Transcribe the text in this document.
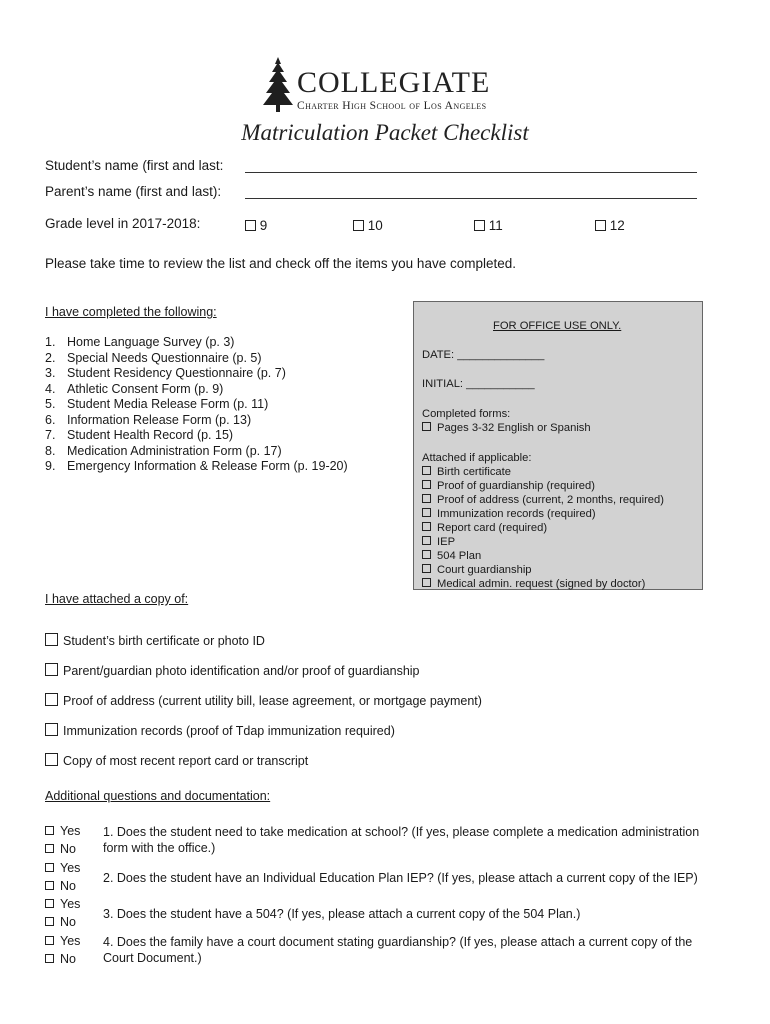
COLLEGIATE
Charter High School of Los Angeles
Matriculation Packet Checklist
Student’s name (first and last:
Parent’s name (first and last):
Grade level in 2017-2018:	9	10	11	12
Please take time to review the list and check off the items you have completed.
I have completed the following:
1. Home Language Survey (p. 3)
2. Special Needs Questionnaire (p. 5)
3. Student Residency Questionnaire (p. 7)
4. Athletic Consent Form (p. 9)
5. Student Media Release Form (p. 11)
6. Information Release Form (p. 13)
7. Student Health Record (p. 15)
8. Medication Administration Form (p. 17)
9. Emergency Information & Release Form (p. 19-20)
FOR OFFICE USE ONLY.
DATE: ______________
INITIAL: ___________
Completed forms:
Pages 3-32 English or Spanish
Attached if applicable:
Birth certificate
Proof of guardianship (required)
Proof of address (current, 2 months, required)
Immunization records (required)
Report card (required)
IEP
504 Plan
Court guardianship
Medical admin. request (signed by doctor)
I have attached a copy of:
Student’s birth certificate or photo ID
Parent/guardian photo identification and/or proof of guardianship
Proof of address (current utility bill, lease agreement, or mortgage payment)
Immunization records (proof of Tdap immunization required)
Copy of most recent report card or transcript
Additional questions and documentation:
Yes
No
1. Does the student need to take medication at school? (If yes, please complete a medication administration form with the office.)
Yes
No
2. Does the student have an Individual Education Plan IEP? (If yes, please attach a current copy of the IEP)
Yes
No
3. Does the student have a 504? (If yes, please attach a current copy of the 504 Plan.)
Yes
No
4. Does the family have a court document stating guardianship? (If yes, please attach a current copy of the Court Document.)
